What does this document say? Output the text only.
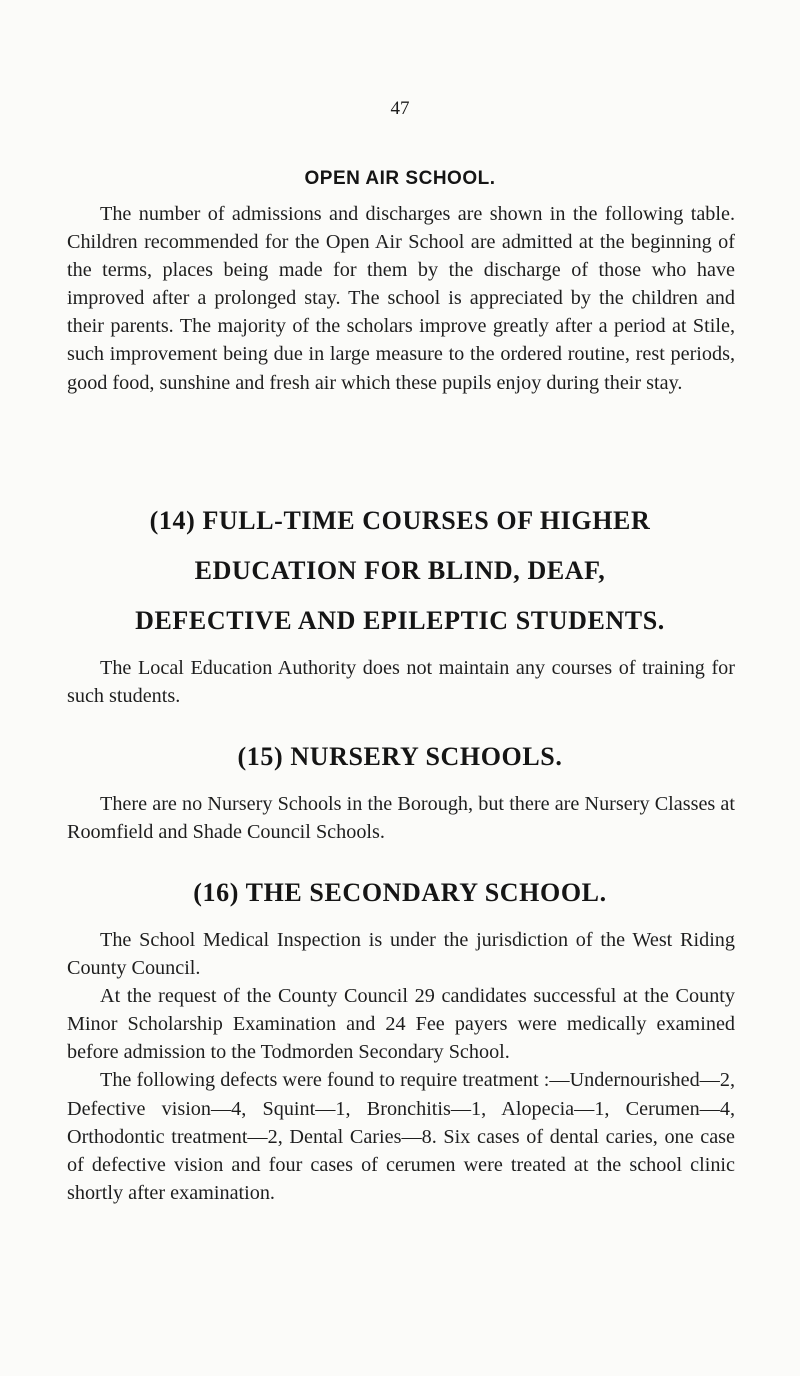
47
OPEN AIR SCHOOL.

The number of admissions and discharges are shown in the following table. Children recommended for the Open Air School are admitted at the beginning of the terms, places being made for them by the discharge of those who have improved after a prolonged stay. The school is appreciated by the children and their parents. The majority of the scholars improve greatly after a period at Stile, such improvement being due in large measure to the ordered routine, rest periods, good food, sunshine and fresh air which these pupils enjoy during their stay.

(14) FULL-TIME COURSES OF HIGHER
EDUCATION FOR BLIND, DEAF,
DEFECTIVE AND EPILEPTIC STUDENTS.

The Local Education Authority does not maintain any courses of training for such students.

(15) NURSERY SCHOOLS.

There are no Nursery Schools in the Borough, but there are Nursery Classes at Roomfield and Shade Council Schools.

(16) THE SECONDARY SCHOOL.

The School Medical Inspection is under the jurisdiction of the West Riding County Council.

At the request of the County Council 29 candidates successful at the County Minor Scholarship Examination and 24 Fee payers were medically examined before admission to the Todmorden Secondary School.

The following defects were found to require treatment :—Undernourished—2, Defective vision—4, Squint—1, Bronchitis—1, Alopecia—1, Cerumen—4, Orthodontic treatment—2, Dental Caries—8. Six cases of dental caries, one case of defective vision and four cases of cerumen were treated at the school clinic shortly after examination.
